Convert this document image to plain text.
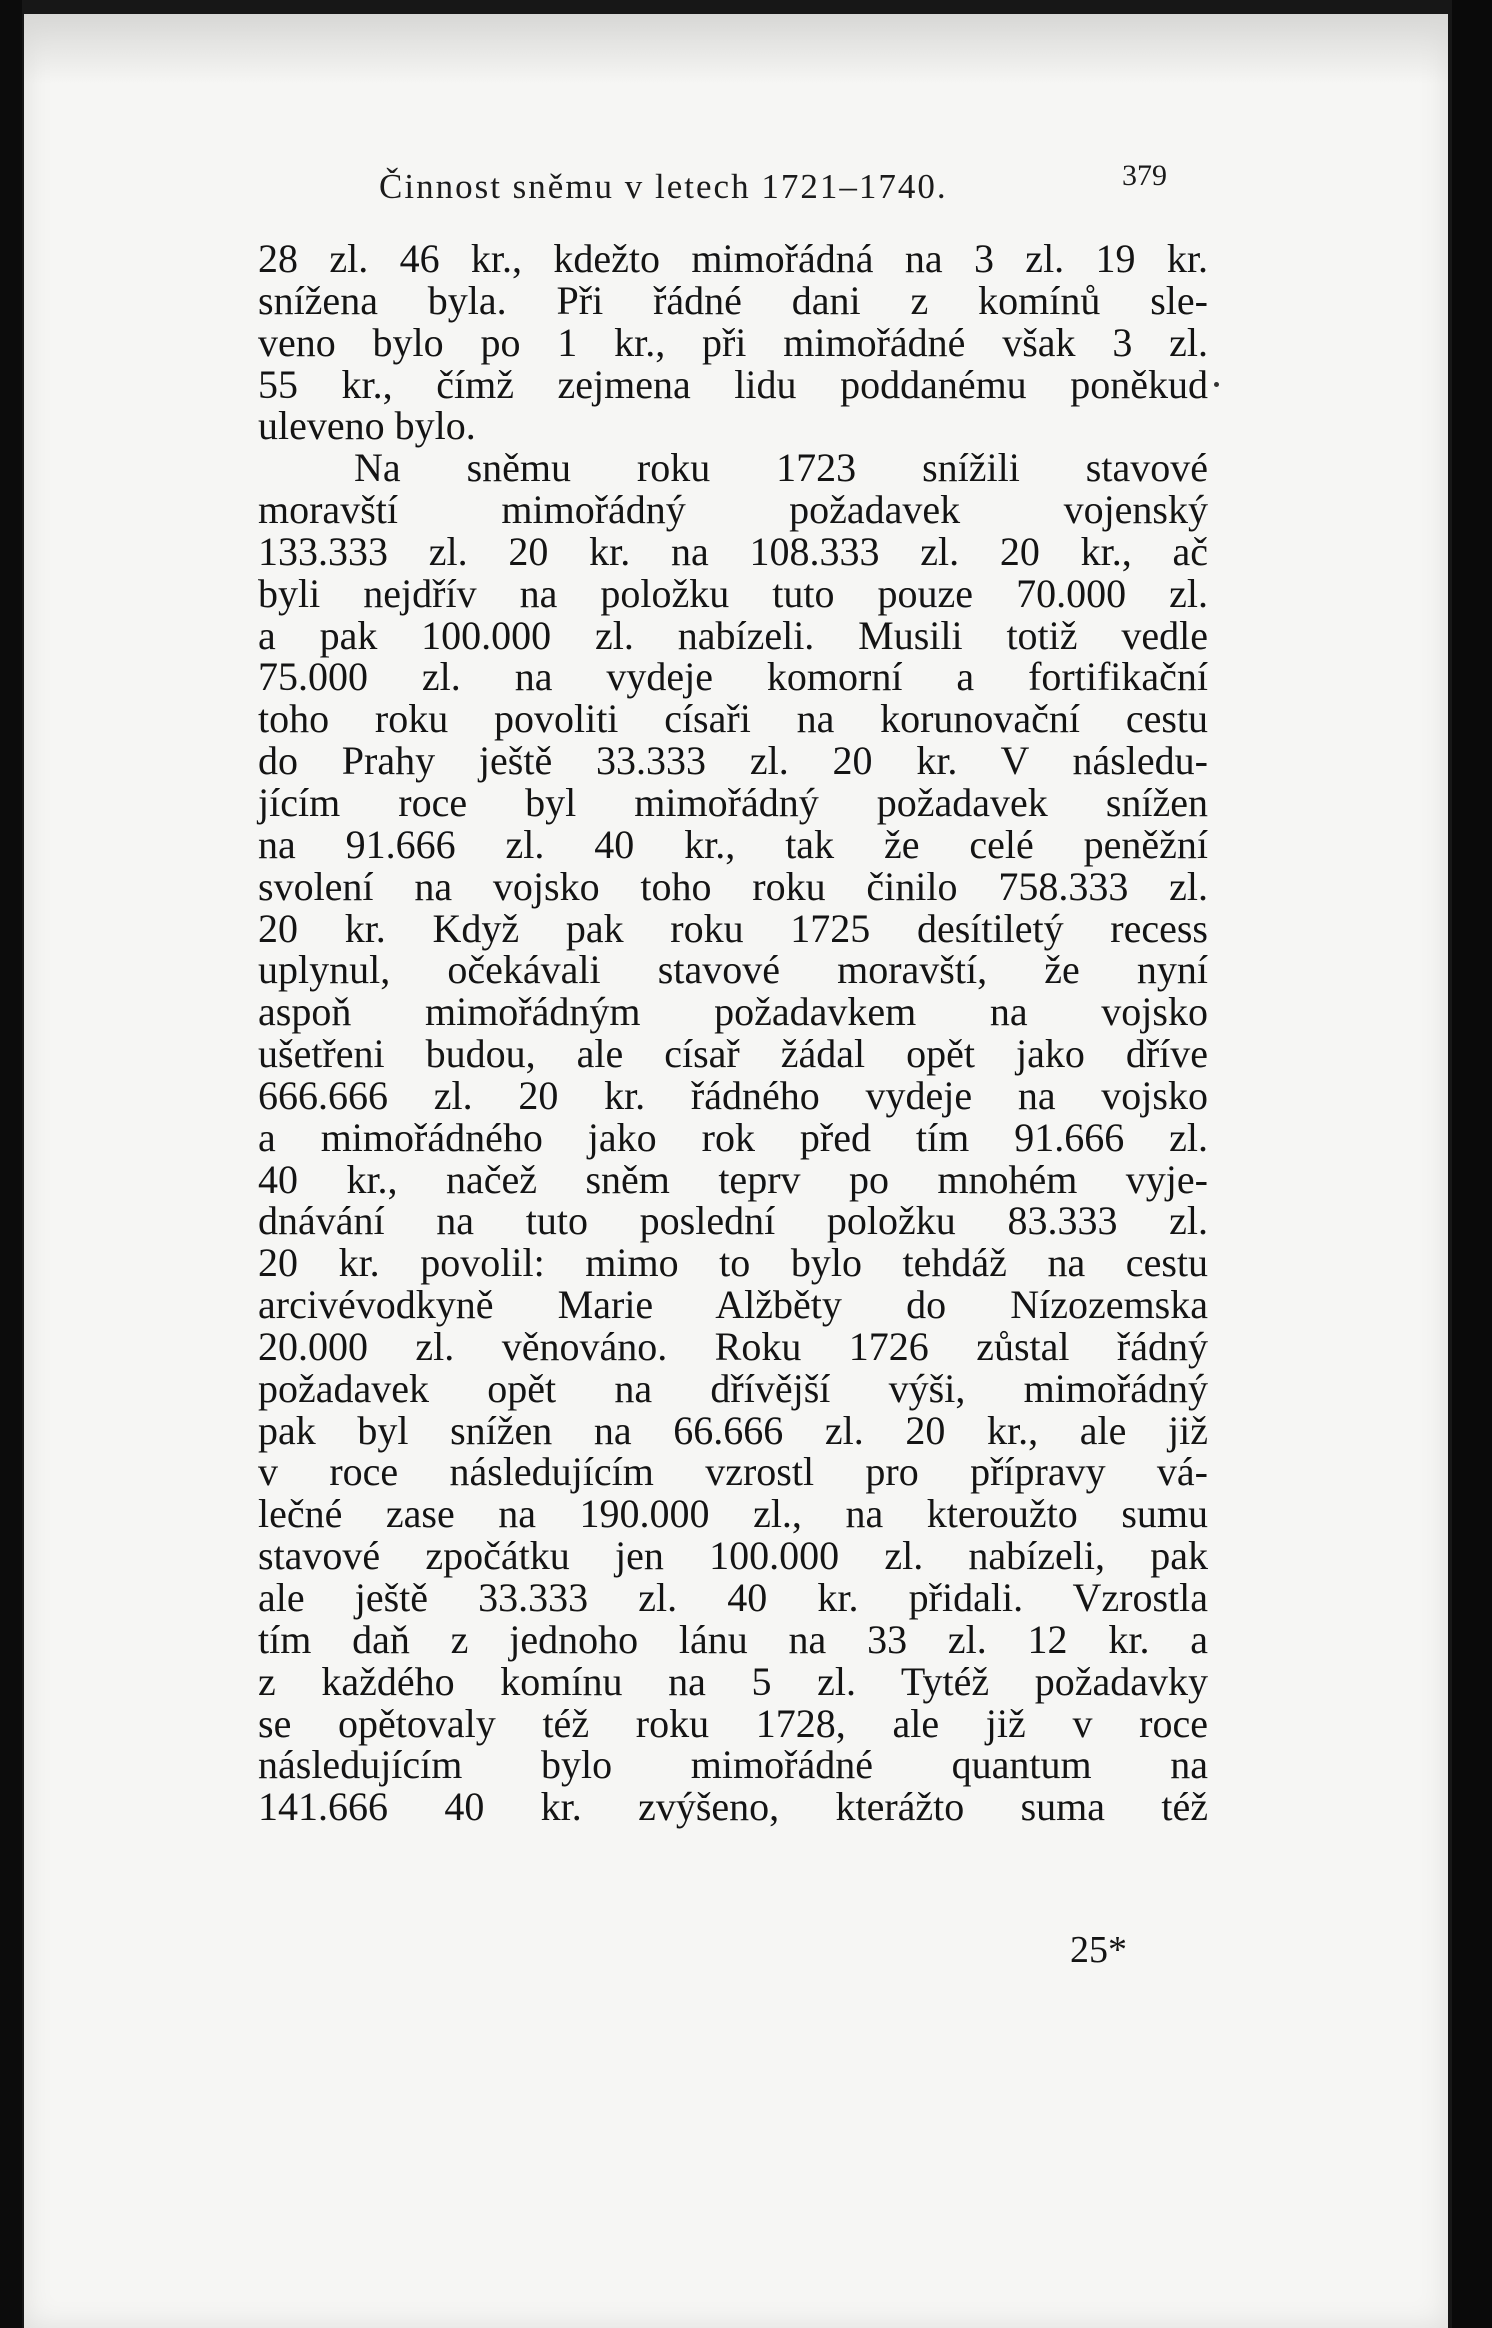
Činnost sněmu v letech 1721–1740.	379
28 zl. 46 kr., kdežto mimořádná na 3 zl. 19 kr.
snížena byla. Při řádné dani z komínů sle-
veno bylo po 1 kr., při mimořádné však 3 zl.
55 kr., čímž zejmena lidu poddanému poněkud
uleveno bylo.
Na sněmu roku 1723 snížili stavové
moravští mimořádný požadavek vojenský
133.333 zl. 20 kr. na 108.333 zl. 20 kr., ač
byli nejdřív na položku tuto pouze 70.000 zl.
a pak 100.000 zl. nabízeli. Musili totiž vedle
75.000 zl. na vydeje komorní a fortifikační
toho roku povoliti císaři na korunovační cestu
do Prahy ještě 33.333 zl. 20 kr. V následu-
jícím roce byl mimořádný požadavek snížen
na 91.666 zl. 40 kr., tak že celé peněžní
svolení na vojsko toho roku činilo 758.333 zl.
20 kr. Když pak roku 1725 desítiletý recess
uplynul, očekávali stavové moravští, že nyní
aspoň mimořádným požadavkem na vojsko
ušetřeni budou, ale císař žádal opět jako dříve
666.666 zl. 20 kr. řádného vydeje na vojsko
a mimořádného jako rok před tím 91.666 zl.
40 kr., načež sněm teprv po mnohém vyje-
dnávání na tuto poslední položku 83.333 zl.
20 kr. povolil: mimo to bylo tehdáž na cestu
arcivévodkyně Marie Alžběty do Nízozemska
20.000 zl. věnováno. Roku 1726 zůstal řádný
požadavek opět na dřívější výši, mimořádný
pak byl snížen na 66.666 zl. 20 kr., ale již
v roce následujícím vzrostl pro přípravy vá-
lečné zase na 190.000 zl., na kteroužto sumu
stavové zpočátku jen 100.000 zl. nabízeli, pak
ale ještě 33.333 zl. 40 kr. přidali. Vzrostla
tím daň z jednoho lánu na 33 zl. 12 kr. a
z každého komínu na 5 zl. Tytéž požadavky
se opětovaly též roku 1728, ale již v roce
následujícím bylo mimořádné quantum na
141.666 40 kr. zvýšeno, kterážto suma též
25*
